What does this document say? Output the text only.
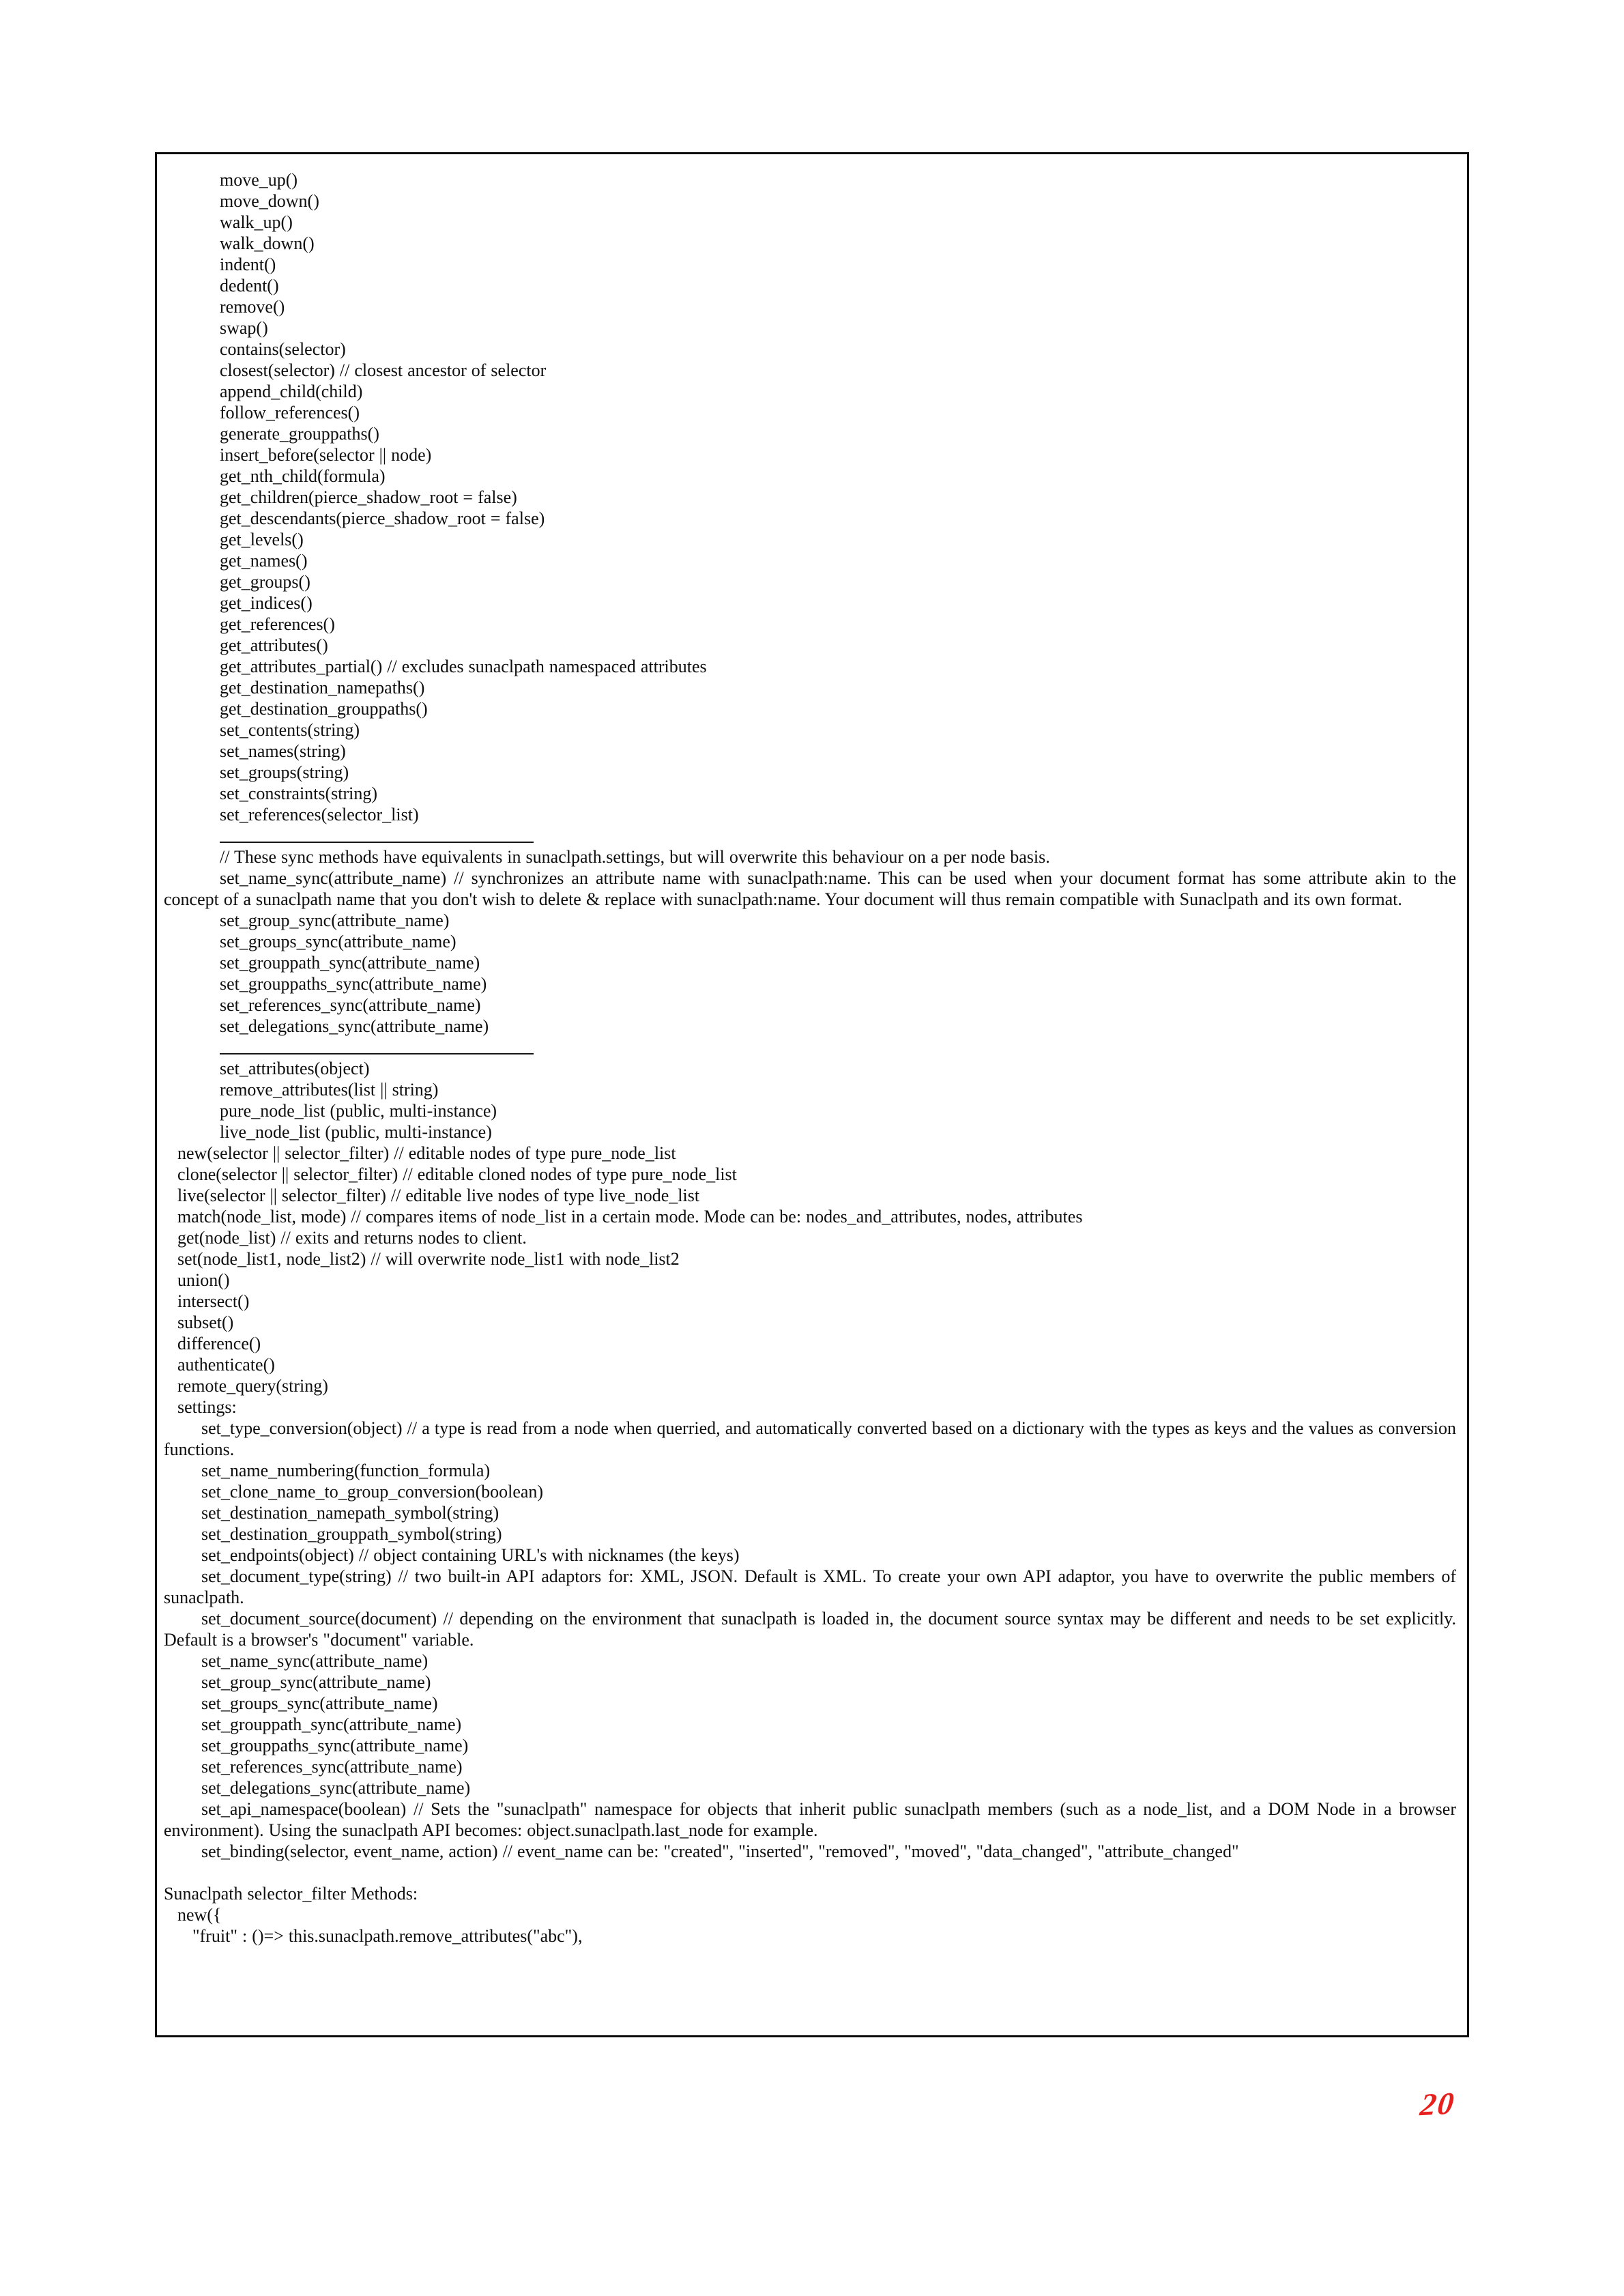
move_up()
move_down()
walk_up()
walk_down()
indent()
dedent()
remove()
swap()
contains(selector)
closest(selector) // closest ancestor of selector
append_child(child)
follow_references()
generate_grouppaths()
insert_before(selector || node)
get_nth_child(formula)
get_children(pierce_shadow_root = false)
get_descendants(pierce_shadow_root = false)
get_levels()
get_names()
get_groups()
get_indices()
get_references()
get_attributes()
get_attributes_partial() // excludes sunaclpath namespaced attributes
get_destination_namepaths()
get_destination_grouppaths()
set_contents(string)
set_names(string)
set_groups(string)
set_constraints(string)
set_references(selector_list)
// These sync methods have equivalents in sunaclpath.settings, but will overwrite this behaviour on a per node basis.
set_name_sync(attribute_name) // synchronizes an attribute name with sunaclpath:name. This can be used when your document format has some attribute akin to the concept of a sunaclpath name that you don't wish to delete & replace with sunaclpath:name. Your document will thus remain compatible with Sunaclpath and its own format.
set_group_sync(attribute_name)
set_groups_sync(attribute_name)
set_grouppath_sync(attribute_name)
set_grouppaths_sync(attribute_name)
set_references_sync(attribute_name)
set_delegations_sync(attribute_name)
set_attributes(object)
remove_attributes(list || string)
pure_node_list (public, multi-instance)
live_node_list (public, multi-instance)
new(selector || selector_filter) // editable nodes of type pure_node_list
clone(selector || selector_filter) // editable cloned nodes of type pure_node_list
live(selector || selector_filter) // editable live nodes of type live_node_list
match(node_list, mode) // compares items of node_list in a certain mode. Mode can be: nodes_and_attributes, nodes, attributes
get(node_list) // exits and returns nodes to client.
set(node_list1, node_list2) // will overwrite node_list1 with node_list2
union()
intersect()
subset()
difference()
authenticate()
remote_query(string)
settings:
set_type_conversion(object) // a type is read from a node when querried, and automatically converted based on a dictionary with the types as keys and the values as conversion functions.
set_name_numbering(function_formula)
set_clone_name_to_group_conversion(boolean)
set_destination_namepath_symbol(string)
set_destination_grouppath_symbol(string)
set_endpoints(object) // object containing URL's with nicknames (the keys)
set_document_type(string) // two built-in API adaptors for: XML, JSON. Default is XML. To create your own API adaptor, you have to overwrite the public members of sunaclpath.
set_document_source(document) // depending on the environment that sunaclpath is loaded in, the document source syntax may be different and needs to be set explicitly. Default is a browser's "document" variable.
set_name_sync(attribute_name)
set_group_sync(attribute_name)
set_groups_sync(attribute_name)
set_grouppath_sync(attribute_name)
set_grouppaths_sync(attribute_name)
set_references_sync(attribute_name)
set_delegations_sync(attribute_name)
set_api_namespace(boolean) // Sets the "sunaclpath" namespace for objects that inherit public sunaclpath members (such as a node_list, and a DOM Node in a browser environment). Using the sunaclpath API becomes: object.sunaclpath.last_node for example.
set_binding(selector, event_name, action) // event_name can be: "created", "inserted", "removed", "moved", "data_changed", "attribute_changed"
Sunaclpath selector_filter Methods:
new({
"fruit" : ()=> this.sunaclpath.remove_attributes("abc"),
20
